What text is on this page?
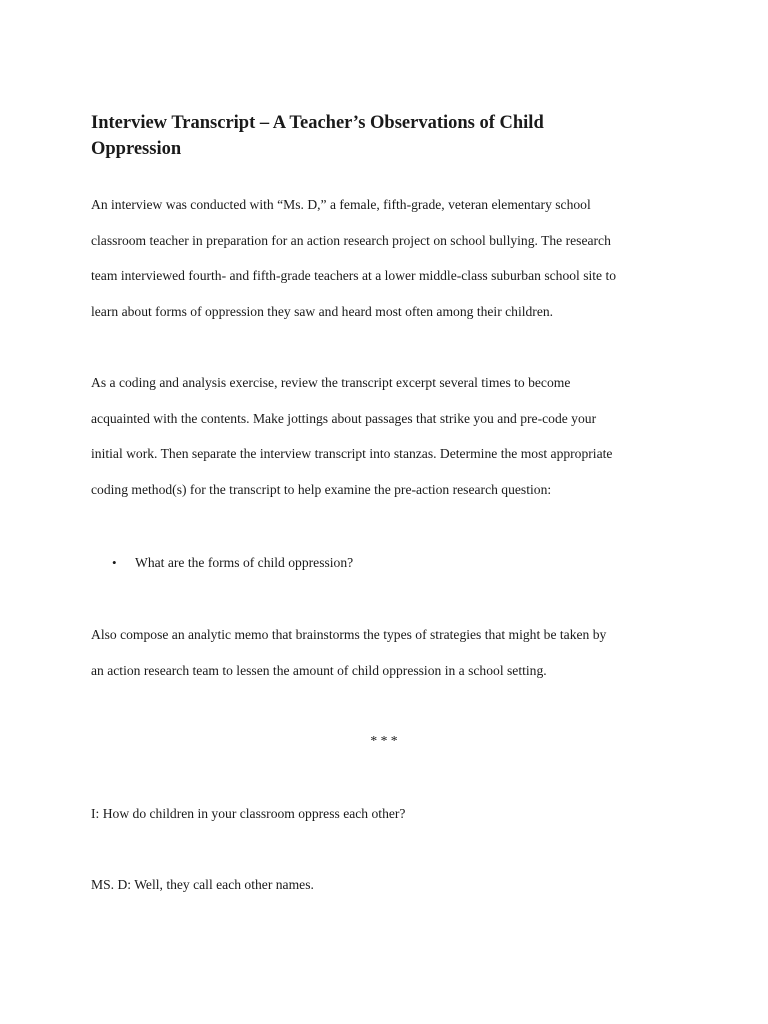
Interview Transcript – A Teacher’s Observations of Child
Oppression

An interview was conducted with “Ms. D,” a female, fifth-grade, veteran elementary school
classroom teacher in preparation for an action research project on school bullying. The research
team interviewed fourth- and fifth-grade teachers at a lower middle-class suburban school site to
learn about forms of oppression they saw and heard most often among their children.

As a coding and analysis exercise, review the transcript excerpt several times to become
acquainted with the contents. Make jottings about passages that strike you and pre-code your
initial work. Then separate the interview transcript into stanzas. Determine the most appropriate
coding method(s) for the transcript to help examine the pre-action research question:

• What are the forms of child oppression?

Also compose an analytic memo that brainstorms the types of strategies that might be taken by
an action research team to lessen the amount of child oppression in a school setting.

* * *

I: How do children in your classroom oppress each other?

MS. D: Well, they call each other names.
